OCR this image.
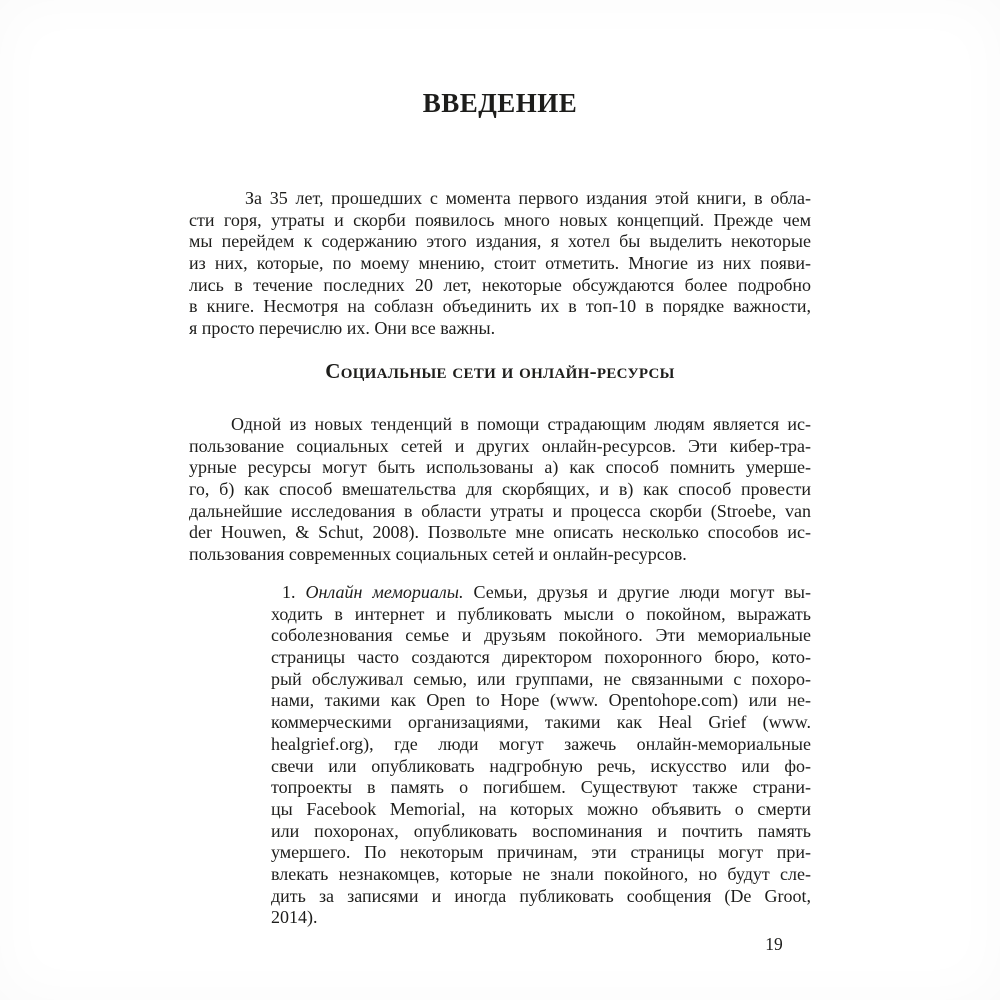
ВВЕДЕНИЕ
За 35 лет, прошедших с момента первого издания этой книги, в обла-
сти горя, утраты и скорби появилось много новых концепций. Прежде чем
мы перейдем к содержанию этого издания, я хотел бы выделить некоторые
из них, которые, по моему мнению, стоит отметить. Многие из них появи-
лись в течение последних 20 лет, некоторые обсуждаются более подробно
в книге. Несмотря на соблазн объединить их в топ-10 в порядке важности,
я просто перечислю их. Они все важны.
Социальные сети и онлайн-ресурсы
Одной из новых тенденций в помощи страдающим людям является ис-
пользование социальных сетей и других онлайн-ресурсов. Эти кибер-тра-
урные ресурсы могут быть использованы а) как способ помнить умерше-
го, б) как способ вмешательства для скорбящих, и в) как способ провести
дальнейшие исследования в области утраты и процесса скорби (Stroebe, van
der Houwen, & Schut, 2008). Позвольте мне описать несколько способов ис-
пользования современных социальных сетей и онлайн-ресурсов.
1. Онлайн мемориалы. Семьи, друзья и другие люди могут вы-
ходить в интернет и публиковать мысли о покойном, выражать
соболезнования семье и друзьям покойного. Эти мемориальные
страницы часто создаются директором похоронного бюро, кото-
рый обслуживал семью, или группами, не связанными с похоро-
нами, такими как Open to Hope (www. Opentohope.com) или не-
коммерческими организациями, такими как Heal Grief (www.
healgrief.org), где люди могут зажечь онлайн-мемориальные
свечи или опубликовать надгробную речь, искусство или фо-
топроекты в память о погибшем. Существуют также страни-
цы Facebook Memorial, на которых можно объявить о смерти
или похоронах, опубликовать воспоминания и почтить память
умершего. По некоторым причинам, эти страницы могут при-
влекать незнакомцев, которые не знали покойного, но будут сле-
дить за записями и иногда публиковать сообщения (De Groot,
2014).
19
